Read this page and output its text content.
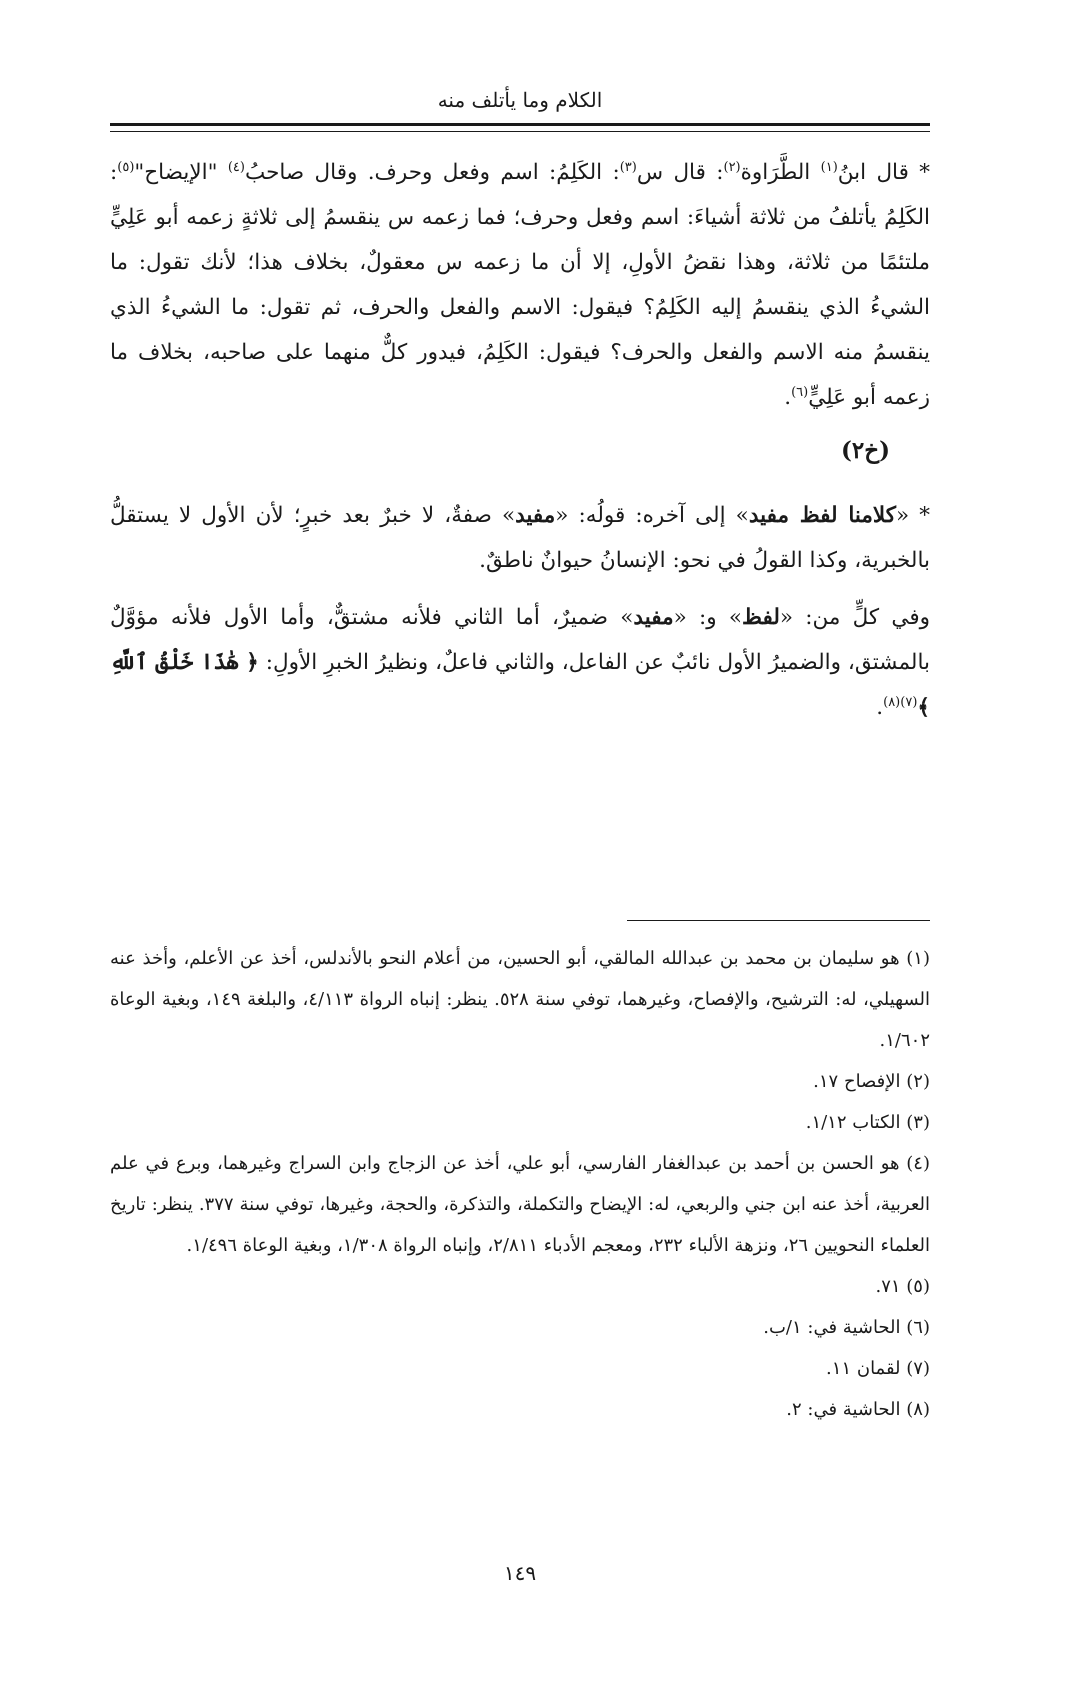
الكلام وما يأتلف منه

* قال ابنُ$^{(١)}$ الطَّرَاوة$^{(٢)}$: قال س$^{(٣)}$: الكَلِمُ: اسم وفعل وحرف. وقال صاحبُ$^{(٤)}$ "الإيضاح"$^{(٥)}$: الكَلِمُ يأتلفُ من ثلاثة أشياءَ: اسم وفعل وحرف؛ فما زعمه س ينقسمُ إلى ثلاثةٍ زعمه أبو عَلِيٍّ ملتئمًا من ثلاثة، وهذا نقضُ الأولِ، إلا أن ما زعمه س معقولٌ، بخلاف هذا؛ لأنك تقول: ما الشيءُ الذي ينقسمُ إليه الكَلِمُ؟ فيقول: الاسم والفعل والحرف، ثم تقول: ما الشيءُ الذي ينقسمُ منه الاسم والفعل والحرف؟ فيقول: الكَلِمُ، فيدور كلٌّ منهما على صاحبه، بخلاف ما زعمه أبو عَلِيٍّ$^{(٦)}$.

(خ٢)

* «كلامنا لفظ مفيد» إلى آخره: قولُه: «مفيد» صفةٌ، لا خبرٌ بعد خبرٍ؛ لأن الأول لا يستقلُّ بالخبرية، وكذا القولُ في نحو: الإنسانُ حيوانٌ ناطقٌ.

وفي كلٍّ من: «لفظ» و: «مفيد» ضميرٌ، أما الثاني فلأنه مشتقٌّ، وأما الأول فلأنه مؤوَّلٌ بالمشتق، والضميرُ الأول نائبٌ عن الفاعل، والثاني فاعلٌ، ونظيرُ الخبرِ الأولِ: ﴿ هَٰذَا خَلْقُ ٱللَّهِ ﴾$^{(٧)(٨)}$.

(١) هو سليمان بن محمد بن عبدالله المالقي، أبو الحسين، من أعلام النحو بالأندلس، أخذ عن الأعلم، وأخذ عنه السهيلي، له: الترشيح، والإفصاح، وغيرهما، توفي سنة ٥٢٨. ينظر: إنباه الرواة ٤/١١٣، والبلغة ١٤٩، وبغية الوعاة ١/٦٠٢.

(٢) الإفصاح ١٧.

(٣) الكتاب ١/١٢.

(٤) هو الحسن بن أحمد بن عبدالغفار الفارسي، أبو علي، أخذ عن الزجاج وابن السراج وغيرهما، وبرع في علم العربية، أخذ عنه ابن جني والربعي، له: الإيضاح والتكملة، والتذكرة، والحجة، وغيرها، توفي سنة ٣٧٧. ينظر: تاريخ العلماء النحويين ٢٦، ونزهة الألباء ٢٣٢، ومعجم الأدباء ٢/٨١١، وإنباه الرواة ١/٣٠٨، وبغية الوعاة ١/٤٩٦.

(٥) ٧١.

(٦) الحاشية في: ١/ب.

(٧) لقمان ١١.

(٨) الحاشية في: ٢.

١٤٩
